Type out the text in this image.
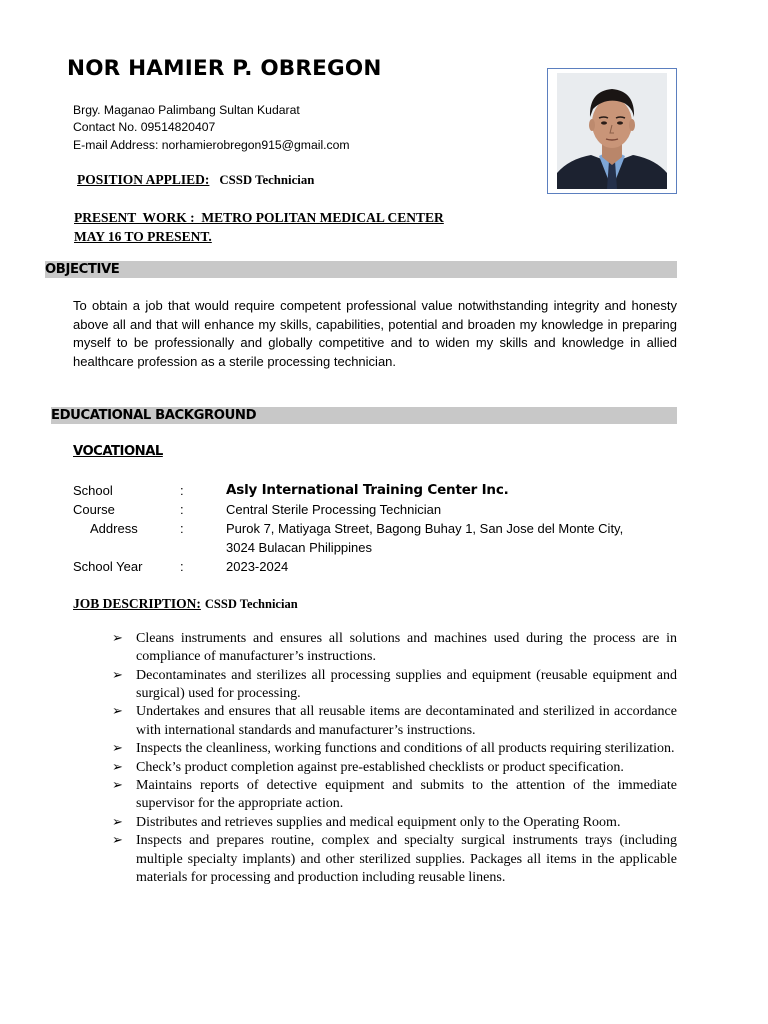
NOR HAMIER P. OBREGON
Brgy. Maganao Palimbang Sultan Kudarat
Contact No. 09514820407
E-mail Address: norhamierobregon915@gmail.com
POSITION APPLIED: CSSD Technician
PRESENT  WORK :  METRO POLITAN MEDICAL CENTER
MAY 16 TO PRESENT.
OBJECTIVE
To obtain a job that would require competent professional value notwithstanding integrity and honesty above all and that will enhance my skills, capabilities, potential and broaden my knowledge in preparing myself to be professionally and globally competitive and to widen my skills and knowledge in allied healthcare profession as a sterile processing technician.
EDUCATIONAL BACKGROUND
VOCATIONAL
School	:	Asly International Training Center Inc.
Course	:	Central Sterile Processing Technician
Address	:	Purok 7, Matiyaga Street, Bagong Buhay 1, San Jose del Monte City,
3024 Bulacan Philippines
School Year	:	2023-2024
JOB DESCRIPTION: CSSD Technician
➢ Cleans instruments and ensures all solutions and machines used during the process are in compliance of manufacturer’s instructions.
➢ Decontaminates and sterilizes all processing supplies and equipment (reusable equipment and surgical) used for processing.
➢ Undertakes and ensures that all reusable items are decontaminated and sterilized in accordance with international standards and manufacturer’s instructions.
➢ Inspects the cleanliness, working functions and conditions of all products requiring sterilization.
➢ Check’s product completion against pre-established checklists or product specification.
➢ Maintains reports of detective equipment and submits to the attention of the immediate supervisor for the appropriate action.
➢ Distributes and retrieves supplies and medical equipment only to the Operating Room.
➢ Inspects and prepares routine, complex and specialty surgical instruments trays (including multiple specialty implants) and other sterilized supplies. Packages all items in the applicable materials for processing and production including reusable linens.
